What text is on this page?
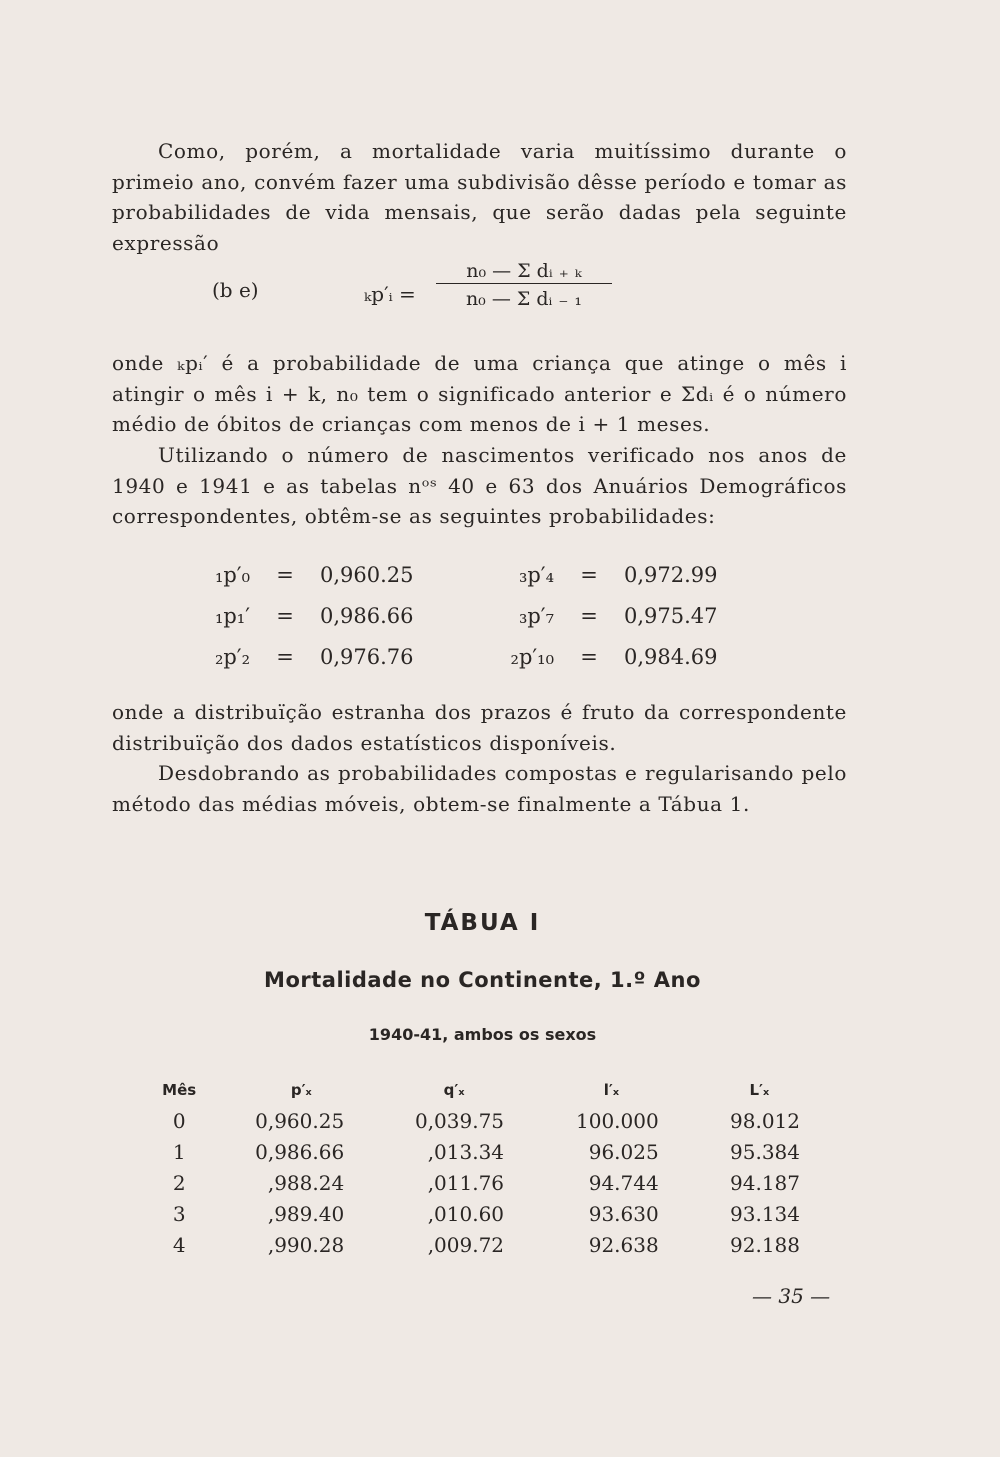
Como, porém, a mortalidade varia muitíssimo durante o primeio ano, convém fazer uma subdivisão dêsse período e tomar as probabilidades de vida mensais, que serão dadas pela seguinte expressão

(b e)	ₖp′ᵢ = $\frac{\text{n₀ — Σ dᵢ ₊ ₖ}}{\text{n₀ — Σ dᵢ ₋ ₁}}$

onde ₖpᵢ′ é a probabilidade de uma criança que atinge o mês i atingir o mês i + k, n₀ tem o significado anterior e Σdᵢ é o número médio de óbitos de crianças com menos de i + 1 meses.

Utilizando o número de nascimentos verificado nos anos de 1940 e 1941 e as tabelas nᵒˢ 40 e 63 dos Anuários Demográficos correspondentes, obtêm-se as seguintes probabilidades:

₁p′₀ = 0,960.25
₁p₁′ = 0,986.66
₂p′₂ = 0,976.76
₃p′₄ = 0,972.99
₃p′₇ = 0,975.47
₂p′₁₀ = 0,984.69

onde a distribuïção estranha dos prazos é fruto da correspondente distribuïção dos dados estatísticos disponíveis.

Desdobrando as probabilidades compostas e regularisando pelo método das médias móveis, obtem-se finalmente a Tábua 1.

TÁBUA I
Mortalidade no Continente, 1.º Ano
1940-41, ambos os sexos
Mês	p′ₓ	q′ₓ	l′ₓ	L′ₓ
0	0,960.25	0,039.75	100.000	98.012
1	0,986.66	,013.34	96.025	95.384
2	,988.24	,011.76	94.744	94.187
3	,989.40	,010.60	93.630	93.134
4	,990.28	,009.72	92.638	92.188
— 35 —
